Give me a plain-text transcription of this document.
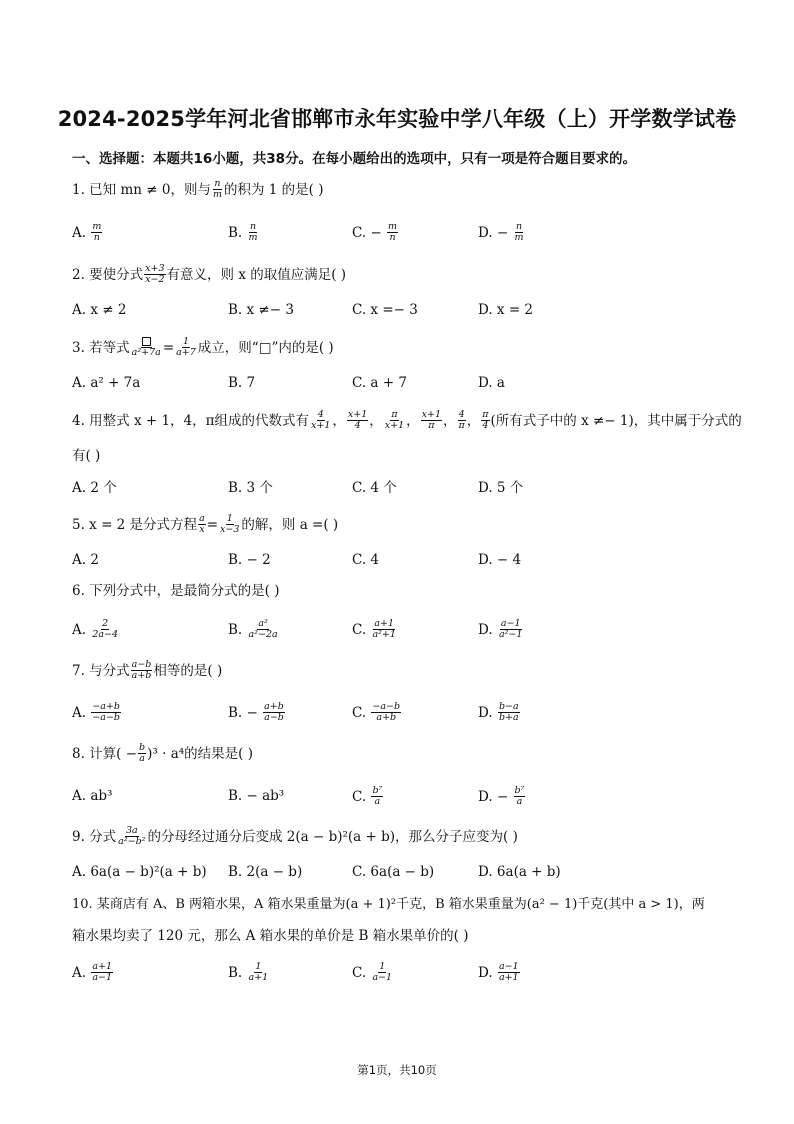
2024-2025学年河北省邯郸市永年实验中学八年级（上）开学数学试卷
一、选择题：本题共16小题，共38分。在每小题给出的选项中，只有一项是符合题目要求的。
1. 已知 mn ≠ 0，则与 $\frac{n}{m}$ 的积为 1 的是( )
A.
$\frac{m}{n}$	B.
$\frac{n}{m}$	C.
−
$\frac{m}{n}$	D.
−
$\frac{n}{m}$
2. 要使分式 $\frac{x+3}{x-2}$ 有意义，则 x 的取值应满足( )
A. x ≠ 2	B. x ≠− 3	C. x =− 3	D. x = 2
3. 若等式 $a^2+7a = \frac{1}{a+7}$ 成立，则“□”内的是( )
A. a² + 7a	B. 7	C. a + 7	D. a
4. 用整式 x + 1，4，π组成的代数式有 $\frac{4}{x+1}$ ， $\frac{x+1}{4}$ ， $\frac{\pi}{x+1}$ ， $\frac{x+1}{\pi}$ ， $\frac{4}{\pi}$ ， $\frac{\pi}{4}$ (所有式子中的 x ≠− 1)，其中属于分式的
有( )
A. 2 个	B. 3 个	C. 4 个	D. 5 个
5. x = 2 是分式方程 $\frac{a}{x} = \frac{1}{x-3}$ 的解，则 a =( )
A. 2	B. − 2	C. 4	D. − 4
6. 下列分式中，是最简分式的是( )
A.
$\frac{2}{2a-4}$	B.
$\frac{\text{a²}}{\text{a²−2a}}$	C.
$\frac{a+1}{\text{a²+1}}$	D.
$\frac{a-1}{\text{a²−1}}$
7. 与分式 $\frac{a-b}{a+b}$ 相等的是( )
A.
$\frac{-a+b}{-a-b}$	B.
−
$\frac{a+b}{a-b}$	C.
$\frac{-a-b}{a+b}$	D.
$\frac{b-a}{b+a}$
8. 计算( − $\frac{b}{a} )^3 \cdot a^4$的结果是( )
A. ab³	B. − ab³	C.
$\frac{\text{b⁷}}{a}$	D.
−
$\frac{\text{b⁷}}{a}$
9. 分式 $\frac{3a}{\text{a²−b²}}$ 的分母经过通分后变成 2(a − b)²(a + b)，那么分子应变为( )
A. 6a(a − b)²(a + b) B. 2(a − b)	C. 6a(a − b)	D. 6a(a + b)
10. 某商店有 A、B 两箱水果，A 箱水果重量为(a + 1)²千克，B 箱水果重量为(a² − 1)千克(其中 a > 1)，两
箱水果均卖了 120 元，那么 A 箱水果的单价是 B 箱水果单价的( )
A.
$\frac{a+1}{a-1}$	B.
$\frac{1}{a+1}$	C.
$\frac{1}{a-1}$	D.
$\frac{a-1}{a+1}$
第1页，共10页
